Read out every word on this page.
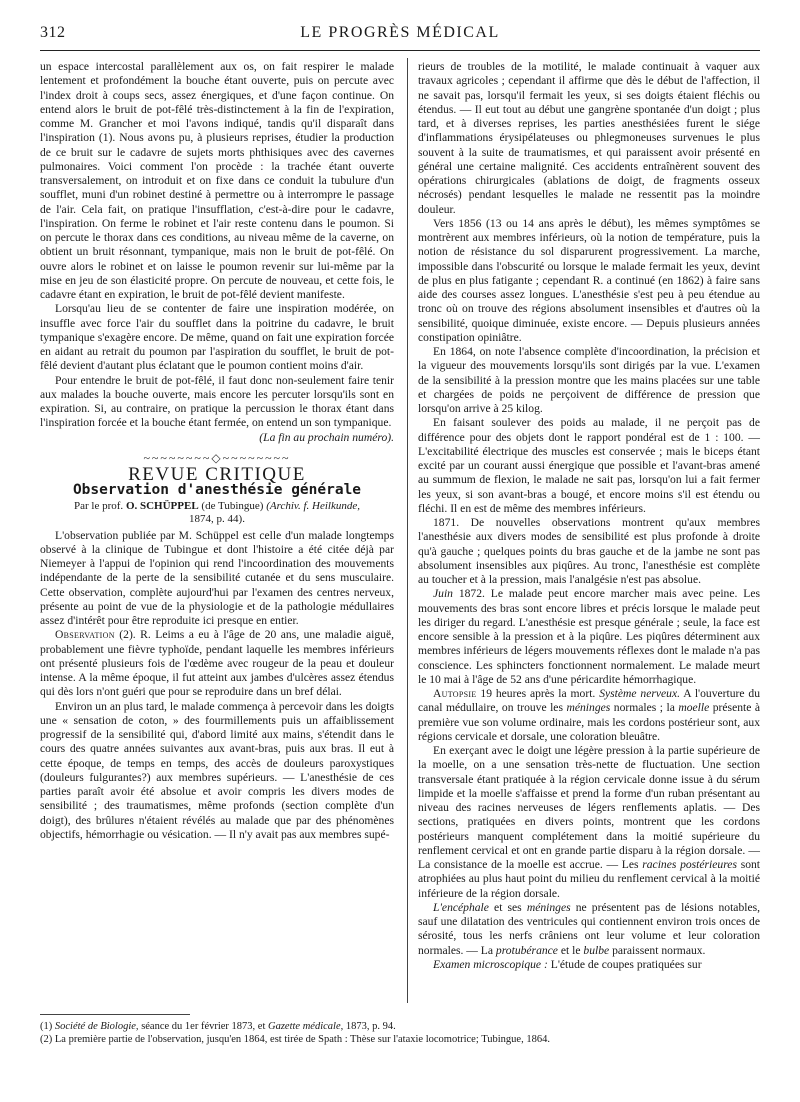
LE PROGRÈS MÉDICAL
312

un espace intercostal parallèlement aux os, on fait respirer le malade lentement et profondément la bouche étant ouverte, puis on percute avec l'index droit à coups secs, assez énergiques, et d'une façon continue. On entend alors le bruit de pot-fêlé très-distinctement à la fin de l'expiration, comme M. Grancher et moi l'avons indiqué, tandis qu'il disparaît dans l'inspiration (1). Nous avons pu, à plusieurs reprises, étudier la production de ce bruit sur le cadavre de sujets morts phthisiques avec des cavernes pulmonaires. Voici comment l'on procède : la trachée étant ouverte transversalement, on introduit et on fixe dans ce conduit la tubulure d'un soufflet, muni d'un robinet destiné à permettre ou à interrompre le passage de l'air. Cela fait, on pratique l'insufflation, c'est-à-dire pour le cadavre, l'inspiration. On ferme le robinet et l'air reste contenu dans le poumon. Si on percute le thorax dans ces conditions, au niveau même de la caverne, on obtient un bruit résonnant, tympanique, mais non le bruit de pot-fêlé. On ouvre alors le robinet et on laisse le poumon revenir sur lui-même par la mise en jeu de son élasticité propre. On percute de nouveau, et cette fois, le cadavre étant en expiration, le bruit de pot-fêlé devient manifeste.

Lorsqu'au lieu de se contenter de faire une inspiration modérée, on insuffle avec force l'air du soufflet dans la poitrine du cadavre, le bruit tympanique s'exagère encore. De même, quand on fait une expiration forcée en aidant au retrait du poumon par l'aspiration du soufflet, le bruit de pot-fêlé devient d'autant plus éclatant que le poumon contient moins d'air.

Pour entendre le bruit de pot-fêlé, il faut donc non-seulement faire tenir aux malades la bouche ouverte, mais encore les percuter lorsqu'ils sont en expiration. Si, au contraire, on pratique la percussion le thorax étant dans l'inspiration forcée et la bouche étant fermée, on entend un son tympanique.
(La fin au prochain numéro).

~~~~~~~~◇~~~~~~~~
REVUE CRITIQUE
Observation d'anesthésie générale
Par le prof. O. SCHÜPPEL (de Tubingue) (Archiv. f. Heilkunde,
1874, p. 44).

L'observation publiée par M. Schüppel est celle d'un malade longtemps observé à la clinique de Tubingue et dont l'histoire a été citée déjà par Niemeyer à l'appui de l'opinion qui rend l'incoordination des mouvements indépendante de la perte de la sensibilité cutanée et du sens musculaire. Cette observation, complète aujourd'hui par l'examen des centres nerveux, présente au point de vue de la physiologie et de la pathologie médullaires assez d'intérêt pour être reproduite ici presque en entier.

Observation (2). R. Leims a eu à l'âge de 20 ans, une maladie aiguë, probablement une fièvre typhoïde, pendant laquelle les membres inférieurs ont présenté plusieurs fois de l'œdème avec rougeur de la peau et douleur intense. A la même époque, il fut atteint aux jambes d'ulcères assez étendus qui dès lors n'ont guéri que pour se reproduire dans un bref délai.

Environ un an plus tard, le malade commença à percevoir dans les doigts une « sensation de coton, » des fourmillements puis un affaiblissement progressif de la sensibilité qui, d'abord limité aux mains, s'étendit dans le cours des quatre années suivantes aux avant-bras, puis aux bras. Il eut à cette époque, de temps en temps, des accès de douleurs paroxystiques (douleurs fulgurantes?) aux membres supérieurs. — L'anesthésie de ces parties paraît avoir été absolue et avoir compris les divers modes de sensibilité ; des traumatismes, même profonds (section complète d'un doigt), des brûlures n'étaient révélés au malade que par des phénomènes objectifs, hémorrhagie ou vésication. — Il n'y avait pas aux membres supé-

rieurs de troubles de la motilité, le malade continuait à vaquer aux travaux agricoles ; cependant il affirme que dès le début de l'affection, il ne savait pas, lorsqu'il fermait les yeux, si ses doigts étaient fléchis ou étendus. — Il eut tout au début une gangrène spontanée d'un doigt ; plus tard, et à diverses reprises, les parties anesthésiées furent le siége d'inflammations érysipélateuses ou phlegmoneuses survenues le plus souvent à la suite de traumatismes, et qui paraissent avoir présenté en général une certaine malignité. Ces accidents entraînèrent souvent des opérations chirurgicales (ablations de doigt, de fragments osseux nécrosés) pendant lesquelles le malade ne ressentit pas la moindre douleur.

Vers 1856 (13 ou 14 ans après le début), les mêmes symptômes se montrèrent aux membres inférieurs, où la notion de température, puis la notion de résistance du sol disparurent progressivement. La marche, impossible dans l'obscurité ou lorsque le malade fermait les yeux, devint de plus en plus fatigante ; cependant R. a continué (en 1862) à faire sans aide des courses assez longues. L'anesthésie s'est peu à peu étendue au tronc où on trouve des régions absolument insensibles et d'autres où la sensibilité, quoique diminuée, existe encore. — Depuis plusieurs années constipation opiniâtre.

En 1864, on note l'absence complète d'incoordination, la précision et la vigueur des mouvements lorsqu'ils sont dirigés par la vue. L'examen de la sensibilité à la pression montre que les mains placées sur une table et chargées de poids ne perçoivent de différence de pression que lorsqu'on arrive à 25 kilog.

En faisant soulever des poids au malade, il ne perçoit pas de différence pour des objets dont le rapport pondéral est de 1 : 100. — L'excitabilité électrique des muscles est conservée ; mais le biceps étant excité par un courant aussi énergique que possible et l'avant-bras amené au summum de flexion, le malade ne sait pas, lorsqu'on lui a fait fermer les yeux, si son avant-bras a bougé, et encore moins s'il est étendu ou fléchi. Il en est de même des membres inférieurs.

1871. De nouvelles observations montrent qu'aux membres l'anesthésie aux divers modes de sensibilité est plus profonde à droite qu'à gauche ; quelques points du bras gauche et de la jambe ne sont pas absolument insensibles aux piqûres. Au tronc, l'anesthésie est complète au toucher et à la pression, mais l'analgésie n'est pas absolue.

Juin 1872. Le malade peut encore marcher mais avec peine. Les mouvements des bras sont encore libres et précis lorsque le malade peut les diriger du regard. L'anesthésie est presque générale ; seule, la face est encore sensible à la pression et à la piqûre. Les piqûres déterminent aux membres inférieurs de légers mouvements réflexes dont le malade n'a pas conscience. Les sphincters fonctionnent normalement. Le malade meurt le 10 mai à l'âge de 52 ans d'une péricardite hémorrhagique.

Autopsie 19 heures après la mort. Système nerveux. A l'ouverture du canal médullaire, on trouve les méninges normales ; la moelle présente à première vue son volume ordinaire, mais les cordons postérieur sont, aux régions cervicale et dorsale, une coloration bleuâtre.

En exerçant avec le doigt une légère pression à la partie supérieure de la moelle, on a une sensation très-nette de fluctuation. Une section transversale étant pratiquée à la région cervicale donne issue à du sérum limpide et la moelle s'affaisse et prend la forme d'un ruban présentant au niveau des racines nerveuses de légers renflements aplatis. — Des sections, pratiquées en divers points, montrent que les cordons postérieurs manquent complétement dans la moitié supérieure du renflement cervical et ont en grande partie disparu à la région dorsale. — La consistance de la moelle est accrue. — Les racines postérieures sont atrophiées au plus haut point du milieu du renflement cervical à la moitié inférieure de la région dorsale.

L'encéphale et ses méninges ne présentent pas de lésions notables, sauf une dilatation des ventricules qui contiennent environ trois onces de sérosité, tous les nerfs crâniens ont leur volume et leur coloration normales. — La protubérance et le bulbe paraissent normaux.

Examen microscopique : L'étude de coupes pratiquées sur

(1) Société de Biologie, séance du 1er février 1873, et Gazette médicale, 1873, p. 94.

(2) La première partie de l'observation, jusqu'en 1864, est tirée de Spath : Thèse sur l'ataxie locomotrice; Tubingue, 1864.
